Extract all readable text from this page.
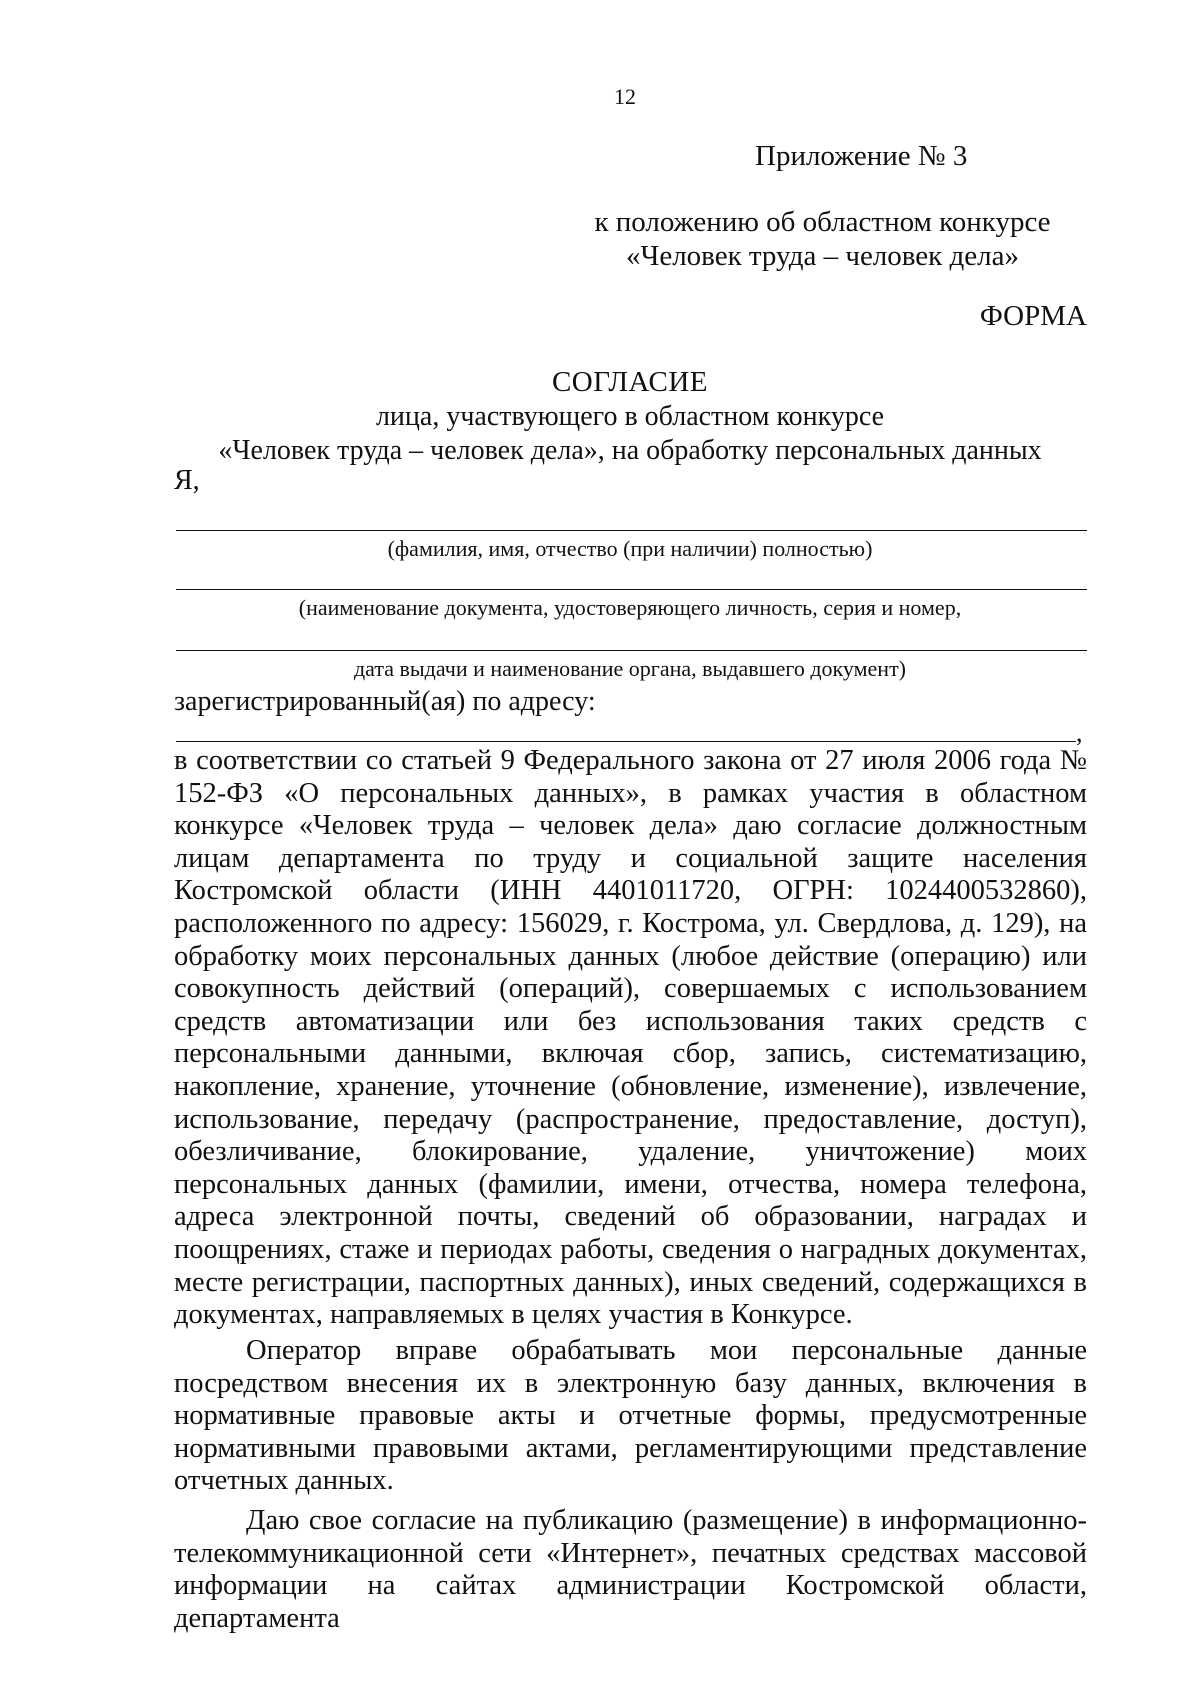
12
Приложение № 3
к положению об областном конкурсе
«Человек труда – человек дела»
ФОРМА
СОГЛАСИЕ
лица, участвующего в областном конкурсе
«Человек труда – человек дела», на обработку персональных данных
Я,
(фамилия, имя, отчество (при наличии) полностью)
(наименование документа, удостоверяющего личность, серия и номер,
дата выдачи и наименование органа, выдавшего документ)
зарегистрированный(ая) по адресу:
,

в соответствии со статьей 9 Федерального закона от 27 июля 2006 года № 152-ФЗ «О персональных данных», в рамках участия в областном конкурсе «Человек труда – человек дела» даю согласие должностным лицам департамента по труду и социальной защите населения Костромской области (ИНН 4401011720, ОГРН: 1024400532860), расположенного по адресу: 156029, г. Кострома, ул. Свердлова, д. 129), на обработку моих персональных данных (любое действие (операцию) или совокупность действий (операций), совершаемых с использованием средств автоматизации или без использования таких средств с персональными данными, включая сбор, запись, систематизацию, накопление, хранение, уточнение (обновление, изменение), извлечение, использование, передачу (распространение, предоставление, доступ), обезличивание, блокирование, удаление, уничтожение) моих персональных данных (фамилии, имени, отчества, номера телефона, адреса электронной почты, сведений об образовании, наградах и поощрениях, стаже и периодах работы, сведения о наградных документах, месте регистрации, паспортных данных), иных сведений, содержащихся в документах, направляемых в целях участия в Конкурсе.

Оператор вправе обрабатывать мои персональные данные посредством внесения их в электронную базу данных, включения в нормативные правовые акты и отчетные формы, предусмотренные нормативными правовыми актами, регламентирующими представление отчетных данных.

Даю свое согласие на публикацию (размещение) в информационно-телекоммуникационной сети «Интернет», печатных средствах массовой информации на сайтах администрации Костромской области, департамента
